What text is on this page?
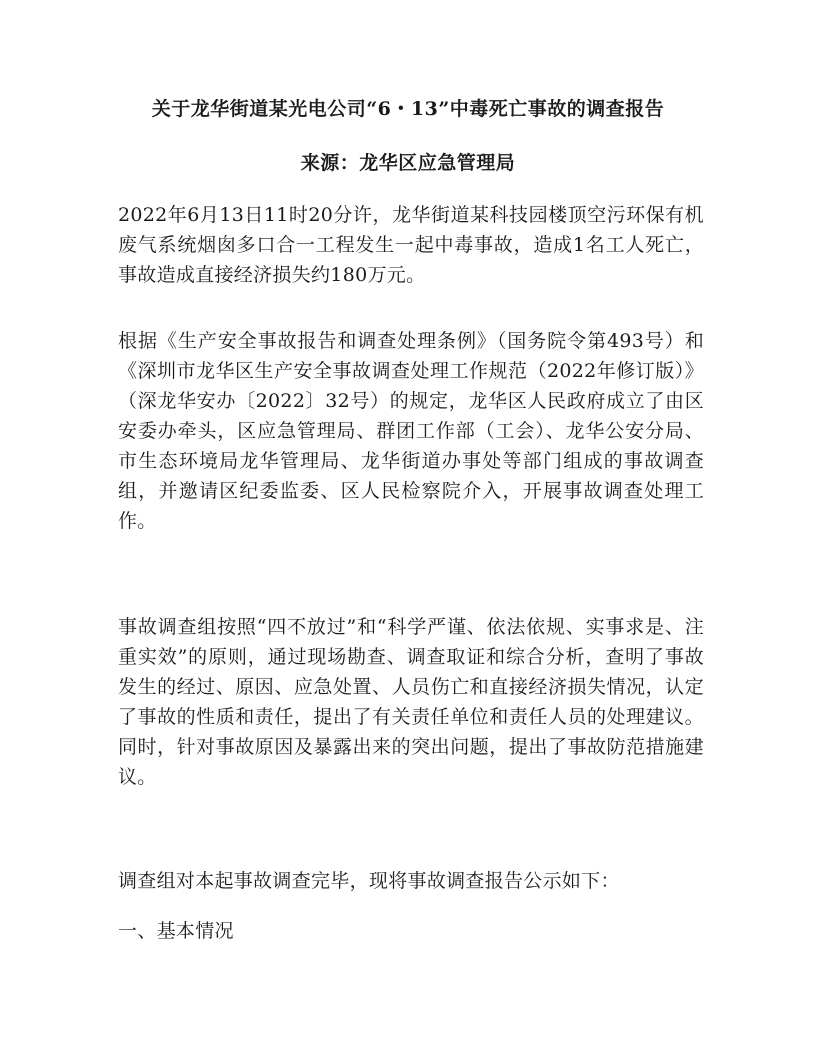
关于龙华街道某光电公司“6・13”中毒死亡事故的调查报告
来源：龙华区应急管理局
2022年6月13日11时20分许，龙华街道某科技园楼顶空污环保有机废气系统烟囱多口合一工程发生一起中毒事故，造成1名工人死亡，事故造成直接经济损失约180万元。
根据《生产安全事故报告和调查处理条例》（国务院令第493号）和《深圳市龙华区生产安全事故调查处理工作规范（2022年修订版）》（深龙华安办〔2022〕32号）的规定，龙华区人民政府成立了由区安委办牵头，区应急管理局、群团工作部（工会）、龙华公安分局、市生态环境局龙华管理局、龙华街道办事处等部门组成的事故调查组，并邀请区纪委监委、区人民检察院介入，开展事故调查处理工作。
事故调查组按照“四不放过”和“科学严谨、依法依规、实事求是、注重实效”的原则，通过现场勘查、调查取证和综合分析，查明了事故发生的经过、原因、应急处置、人员伤亡和直接经济损失情况，认定了事故的性质和责任，提出了有关责任单位和责任人员的处理建议。同时，针对事故原因及暴露出来的突出问题，提出了事故防范措施建议。
调查组对本起事故调查完毕，现将事故调查报告公示如下：
一、基本情况
